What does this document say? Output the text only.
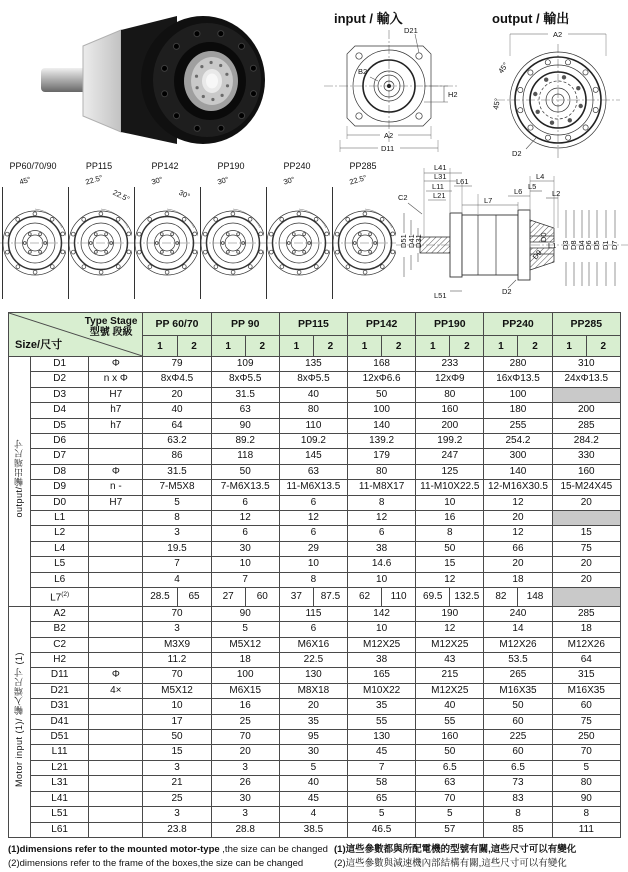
input / 輸入
D21
B2
H2
A2
D11
output / 輸出
A2
45°
45°
D2
PP60/70/90
45°
PP115
22.5°
22.5°
PP142
30°
30°
PP190
30°
PP240
30°
PP285
22.5°
L41
L31
L11
L21
L61
L7
L4
L5
L6	L2
C2
D51 D41
D31
D9
D0
L1 D3 D8 D4
D6 D5 D1 D7
L51	D2
Type Stage
型號 段級
Size/尺寸			PP 60/70		PP 90		PP115		PP142		PP190		PP240		PP285	
			1	2	1	2	1	2	1	2	1	2	1	2	1	2
output/輸出端尺寸	D1	Φ	79		109		135		168		233		280		310	
	D2	n x Φ	8xΦ4.5		8xΦ5.5		8xΦ5.5		12xΦ6.6		12xΦ9		16xΦ13.5		24xΦ13.5	
	D3	H7	20		31.5		40		50		80		100			
	D4	h7	40		63		80		100		160		180		200	
	D5	h7	64		90		110		140		200		255		285	
	D6		63.2		89.2		109.2		139.2		199.2		254.2		284.2	
	D7		86		118		145		179		247		300		330	
	D8	Φ	31.5		50		63		80		125		140		160	
	D9	n -	7-M5X8		7-M6X13.5		11-M6X13.5		11-M8X17		11-M10X22.5		12-M16X30.5		15-M24X45	
	D0	H7	5		6		6		8		10		12		20	
	L1		8		12		12		12		16		20			
	L2		3		6		6		6		8		12		15	
	L4		19.5		30		29		38		50		66		75	
	L5		7		10		10		14.6		15		20		20	
	L6		4		7		8		10		12		18		20	
	L7$^{(2)}$		28.5	65	27	60	37	87.5	62	110	69.5	132.5	82	148		
Motor input (1)/ 輸入端尺寸 (1)	A2		70		90		115		142		190		240		285	
	B2		3		5		6		10		12		14		18	
	C2		M3X9		M5X12		M6X16		M12X25		M12X25		M12X26		M12X26	
	H2		11.2		18		22.5		38		43		53.5		64	
	D11	Φ	70		100		130		165		215		265		315	
	D21	4×	M5X12		M6X15		M8X18		M10X22		M12X25		M16X35		M16X35	
	D31		10		16		20		35		40		50		60	
	D41		17		25		35		55		55		60		75	
	D51		50		70		95		130		160		225		250	
	L11		15		20		30		45		50		60		70	
	L21		3		3		5		7		6.5		6.5		5	
	L31		21		26		40		58		63		73		80	
	L41		25		30		45		65		70		83		90	
	L51		3		3		4		5		5		8		8	
	L61		23.8		28.8		38.5		46.5		57		85		111	
(1)dimensions refer to the mounted motor-type ,the size can be changed
(2)dimensions refer to the frame of the boxes,the size can be changed
(1)這些參數都與所配電機的型號有關,這些尺寸可以有變化
(2)這些參數與減速機內部結構有關,這些尺寸可以有變化
